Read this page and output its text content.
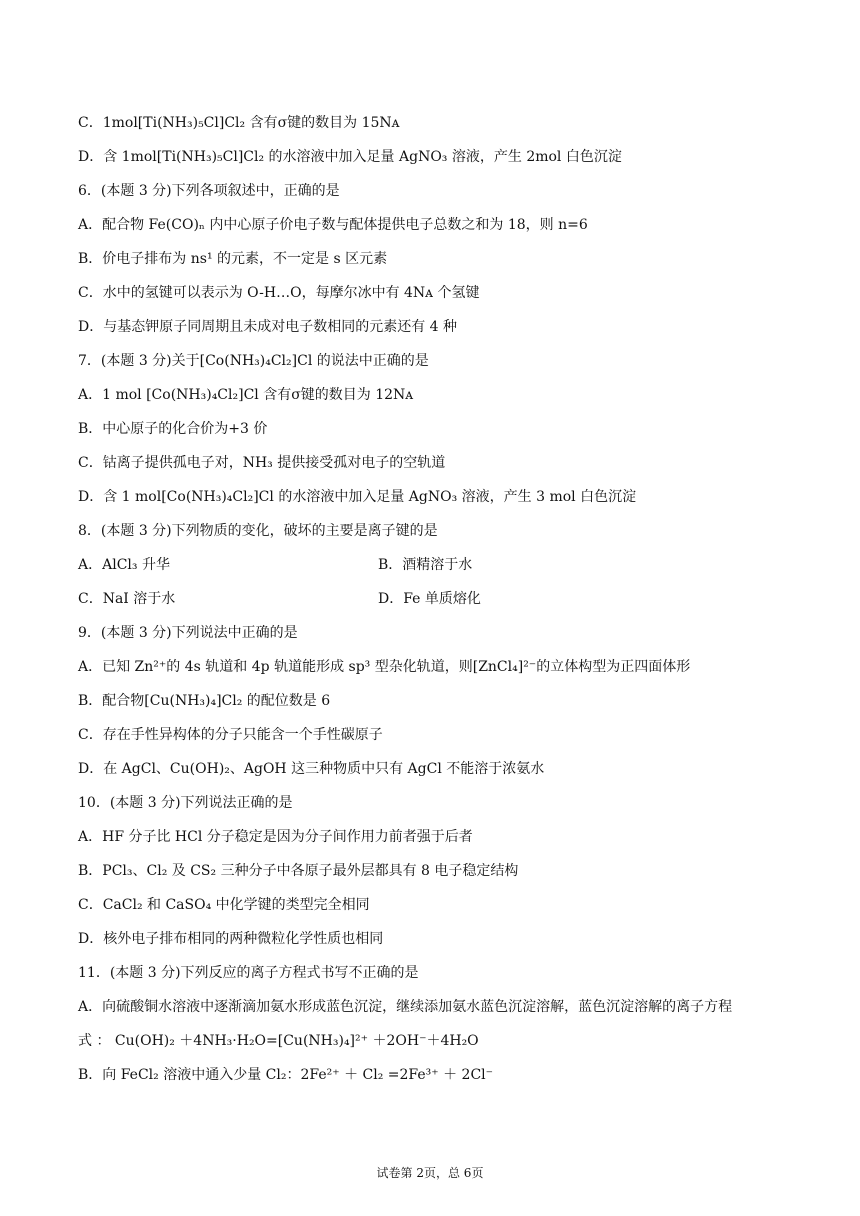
C．1mol[Ti(NH₃)₅Cl]Cl₂ 含有σ键的数目为 15Nᴀ
D．含 1mol[Ti(NH₃)₅Cl]Cl₂ 的水溶液中加入足量 AgNO₃ 溶液，产生 2mol 白色沉淀
6．(本题 3 分)下列各项叙述中，正确的是
A．配合物 Fe(CO)ₙ 内中心原子价电子数与配体提供电子总数之和为 18，则 n=6
B．价电子排布为 ns¹ 的元素，不一定是 s 区元素
C．水中的氢键可以表示为 O-H…O，每摩尔冰中有 4Nᴀ 个氢键
D．与基态钾原子同周期且未成对电子数相同的元素还有 4 种
7．(本题 3 分)关于[Co(NH₃)₄Cl₂]Cl 的说法中正确的是
A．1 mol [Co(NH₃)₄Cl₂]Cl 含有σ键的数目为 12Nᴀ
B．中心原子的化合价为+3 价
C．钴离子提供孤电子对，NH₃ 提供接受孤对电子的空轨道
D．含 1 mol[Co(NH₃)₄Cl₂]Cl 的水溶液中加入足量 AgNO₃ 溶液，产生 3 mol 白色沉淀
8．(本题 3 分)下列物质的变化，破坏的主要是离子键的是
A．AlCl₃ 升华	B．酒精溶于水
C．NaI 溶于水	D．Fe 单质熔化
9．(本题 3 分)下列说法中正确的是
A．已知 Zn²⁺的 4s 轨道和 4p 轨道能形成 sp³ 型杂化轨道，则[ZnCl₄]²⁻的立体构型为正四面体形
B．配合物[Cu(NH₃)₄]Cl₂ 的配位数是 6
C．存在手性异构体的分子只能含一个手性碳原子
D．在 AgCl、Cu(OH)₂、AgOH 这三种物质中只有 AgCl 不能溶于浓氨水
10．(本题 3 分)下列说法正确的是
A．HF 分子比 HCl 分子稳定是因为分子间作用力前者强于后者
B．PCl₃、Cl₂ 及 CS₂ 三种分子中各原子最外层都具有 8 电子稳定结构
C．CaCl₂ 和 CaSO₄ 中化学键的类型完全相同
D．核外电子排布相同的两种微粒化学性质也相同
11．(本题 3 分)下列反应的离子方程式书写不正确的是
A．向硫酸铜水溶液中逐渐滴加氨水形成蓝色沉淀，继续添加氨水蓝色沉淀溶解，蓝色沉淀溶解的离子方程
式 ： Cu(OH)₂ ＋4NH₃·H₂O=[Cu(NH₃)₄]²⁺ ＋2OH⁻＋4H₂O
B．向 FeCl₂ 溶液中通入少量 Cl₂：2Fe²⁺ ＋ Cl₂ =2Fe³⁺ ＋ 2Cl⁻
试卷第 2页，总 6页
